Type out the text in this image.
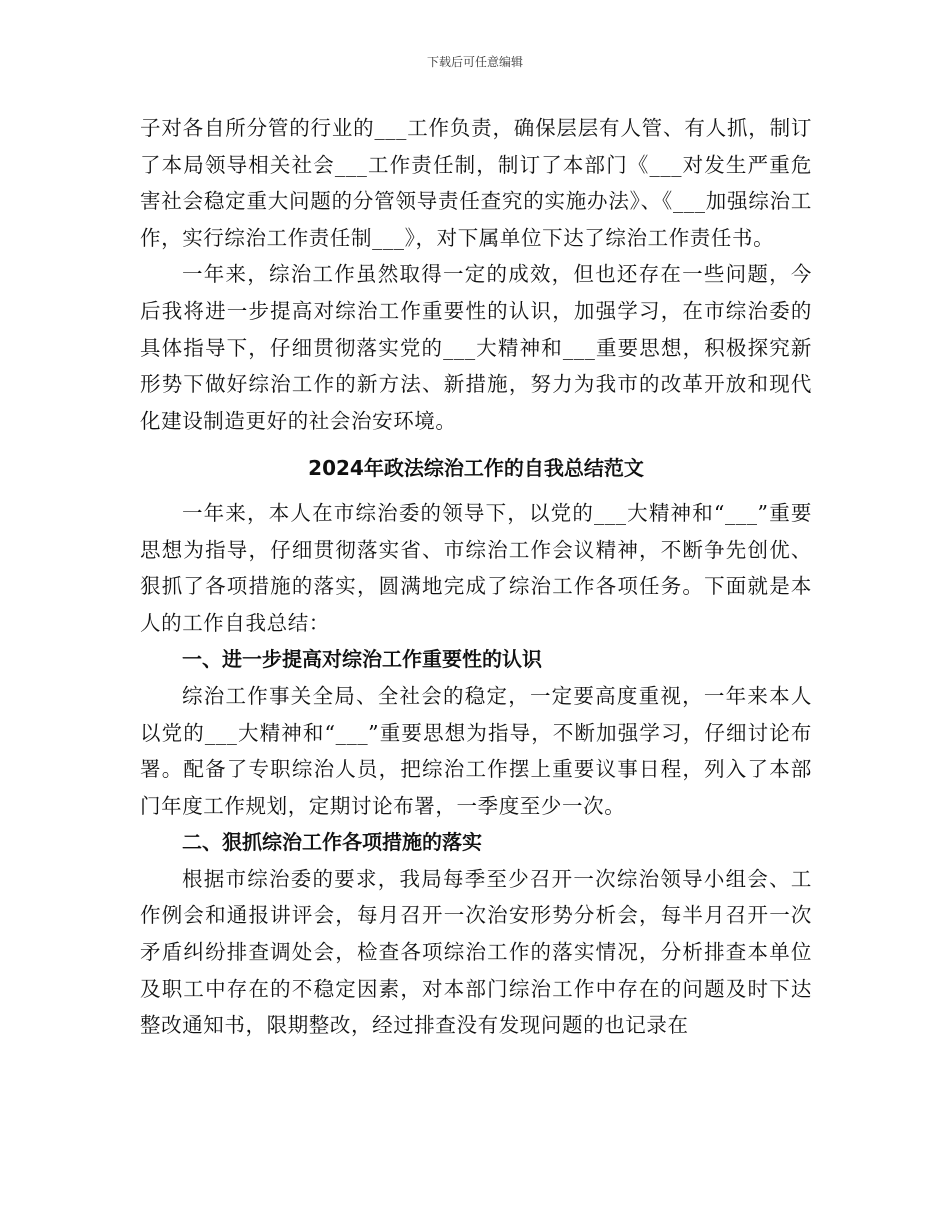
下载后可任意编辑

子对各自所分管的行业的___工作负责，确保层层有人管、有人抓，制订了本局领导相关社会___工作责任制，制订了本部门《___对发生严重危害社会稳定重大问题的分管领导责任查究的实施办法》、《___加强综治工作，实行综治工作责任制___》，对下属单位下达了综治工作责任书。

一年来，综治工作虽然取得一定的成效，但也还存在一些问题，今后我将进一步提高对综治工作重要性的认识，加强学习，在市综治委的具体指导下，仔细贯彻落实党的___大精神和___重要思想，积极探究新形势下做好综治工作的新方法、新措施，努力为我市的改革开放和现代化建设制造更好的社会治安环境。

2024年政法综治工作的自我总结范文

一年来，本人在市综治委的领导下，以党的___大精神和“___”重要思想为指导，仔细贯彻落实省、市综治工作会议精神，不断争先创优、狠抓了各项措施的落实，圆满地完成了综治工作各项任务。下面就是本人的工作自我总结：

一、进一步提高对综治工作重要性的认识

综治工作事关全局、全社会的稳定，一定要高度重视，一年来本人以党的___大精神和“___”重要思想为指导，不断加强学习，仔细讨论布署。配备了专职综治人员，把综治工作摆上重要议事日程，列入了本部门年度工作规划，定期讨论布署，一季度至少一次。

二、狠抓综治工作各项措施的落实

根据市综治委的要求，我局每季至少召开一次综治领导小组会、工作例会和通报讲评会，每月召开一次治安形势分析会，每半月召开一次矛盾纠纷排查调处会，检查各项综治工作的落实情况，分析排查本单位及职工中存在的不稳定因素，对本部门综治工作中存在的问题及时下达整改通知书，限期整改，经过排查没有发现问题的也记录在
